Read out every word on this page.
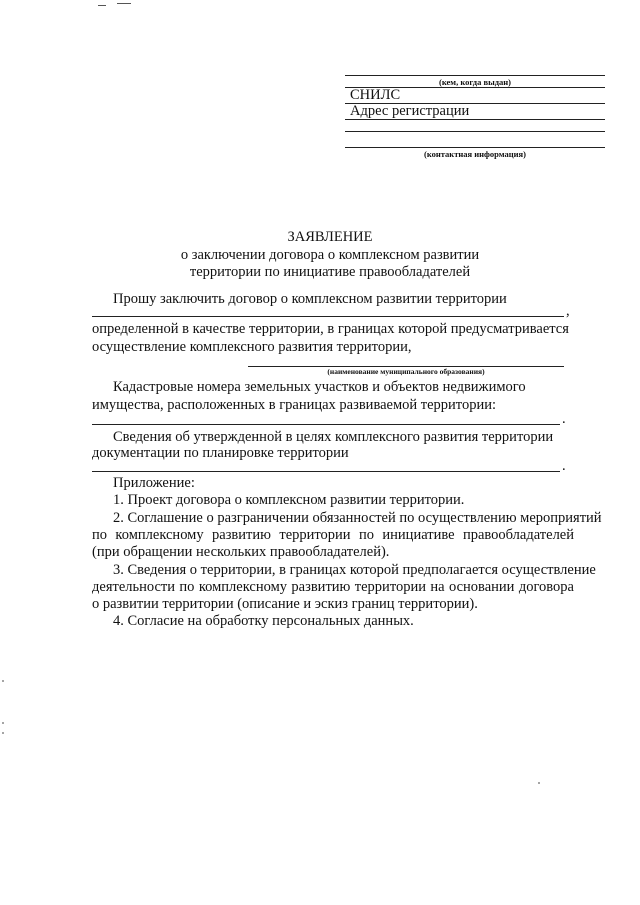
(кем, когда выдан)
СНИЛС
Адрес регистрации
(контактная информация)
ЗАЯВЛЕНИЕ
о заключении договора о комплексном развитии
территории по инициативе правообладателей
Прошу заключить договор о комплексном развитии территории
,
определенной в качестве территории, в границах которой предусматривается
осуществление комплексного развития территории,
(наименование муниципального образования)
Кадастровые номера земельных участков и объектов недвижимого
имущества, расположенных в границах развиваемой территории:
.
Сведения об утвержденной в целях комплексного развития территории
документации по планировке территории
.
Приложение:
1. Проект договора о комплексном развитии территории.
2. Соглашение о разграничении обязанностей по осуществлению мероприятий
по комплексному развитию территории по инициативе правообладателей
(при обращении нескольких правообладателей).
3. Сведения о территории, в границах которой предполагается осуществление
деятельности по комплексному развитию территории на основании договора
о развитии территории (описание и эскиз границ территории).
4. Согласие на обработку персональных данных.
